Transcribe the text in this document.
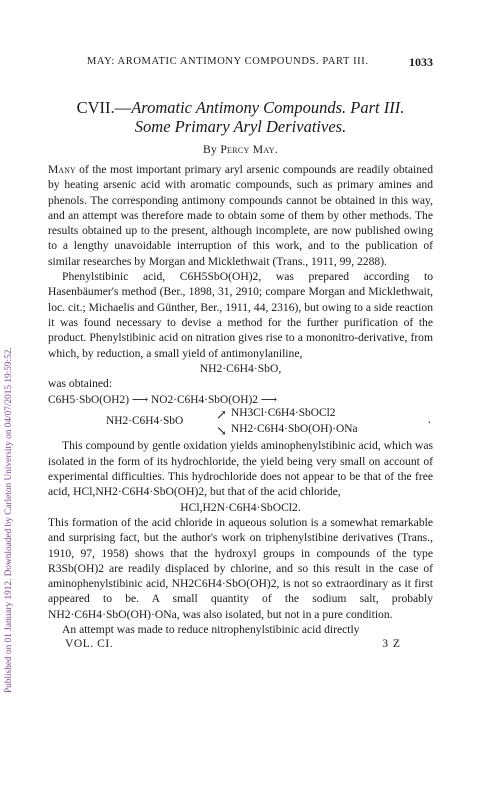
Published on 01 January 1912. Downloaded by Carleton University on 04/07/2015 19:59:52.
MAY: AROMATIC ANTIMONY COMPOUNDS. PART III.	1033
CVII.—Aromatic Antimony Compounds. Part III.
Some Primary Aryl Derivatives.
By Percy May.

Many of the most important primary aryl arsenic compounds are readily obtained by heating arsenic acid with aromatic compounds, such as primary amines and phenols. The corresponding antimony compounds cannot be obtained in this way, and an attempt was therefore made to obtain some of them by other methods. The results obtained up to the present, although incomplete, are now published owing to a lengthy unavoidable interruption of this work, and to the publication of similar researches by Morgan and Micklethwait (Trans., 1911, 99, 2288).

Phenylstibinic acid, C6H5SbO(OH)2, was prepared according to Hasenbäumer's method (Ber., 1898, 31, 2910; compare Morgan and Micklethwait, loc. cit.; Michaelis and Günther, Ber., 1911, 44, 2316), but owing to a side reaction it was found necessary to devise a method for the further purification of the product. Phenylstibinic acid on nitration gives rise to a mononitro-derivative, from which, by reduction, a small yield of antimonylaniline,

NH2·C6H4·SbO,

was obtained:

C6H5·SbO(OH2) ⟶ NO2·C6H4·SbO(OH)2 ⟶
↗ NH3Cl·C6H4·SbOCl2
NH2·C6H4·SbO
↘ NH2·C6H4·SbO(OH)·ONa
.

This compound by gentle oxidation yields aminophenylstibinic acid, which was isolated in the form of its hydrochloride, the yield being very small on account of experimental difficulties. This hydrochloride does not appear to be that of the free acid, HCl,NH2·C6H4·SbO(OH)2, but that of the acid chloride,

HCl,H2N·C6H4·SbOCl2.

This formation of the acid chloride in aqueous solution is a somewhat remarkable and surprising fact, but the author's work on triphenylstibine derivatives (Trans., 1910, 97, 1958) shows that the hydroxyl groups in compounds of the type R3Sb(OH)2 are readily displaced by chlorine, and so this result in the case of aminophenylstibinic acid, NH2C6H4·SbO(OH)2, is not so extraordinary as it first appeared to be. A small quantity of the sodium salt, probably NH2·C6H4·SbO(OH)·ONa, was also isolated, but not in a pure condition.

An attempt was made to reduce nitrophenylstibinic acid directly

VOL. CI.	3 Z
